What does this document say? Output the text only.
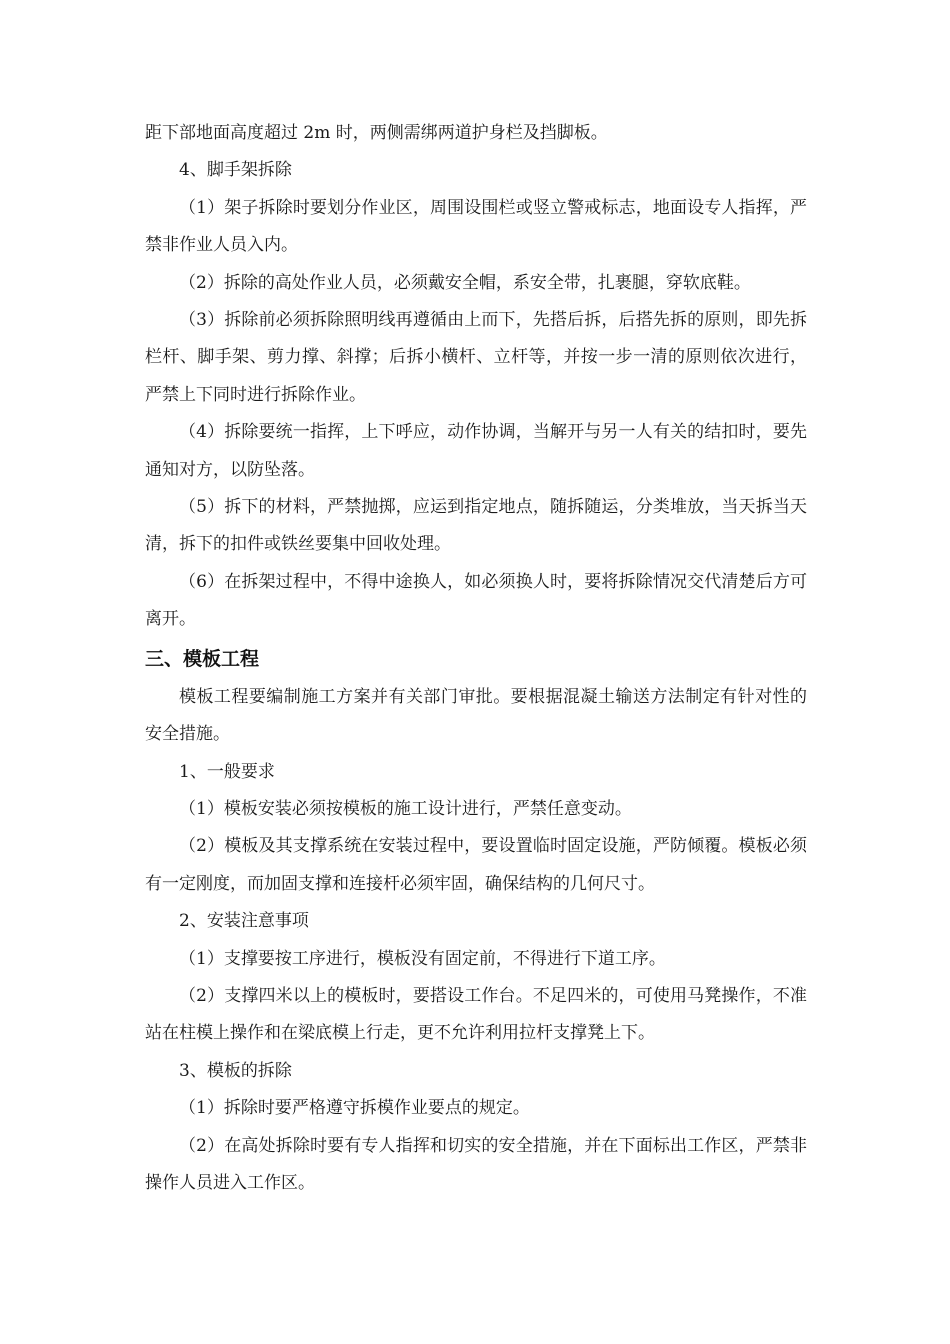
距下部地面高度超过 2m 时，两侧需绑两道护身栏及挡脚板。

4、脚手架拆除

（1）架子拆除时要划分作业区，周围设围栏或竖立警戒标志，地面设专人指挥，严禁非作业人员入内。

（2）拆除的高处作业人员，必须戴安全帽，系安全带，扎裹腿，穿软底鞋。

（3）拆除前必须拆除照明线再遵循由上而下，先搭后拆，后搭先拆的原则，即先拆栏杆、脚手架、剪力撑、斜撑；后拆小横杆、立杆等，并按一步一清的原则依次进行，严禁上下同时进行拆除作业。

（4）拆除要统一指挥，上下呼应，动作协调，当解开与另一人有关的结扣时，要先通知对方，以防坠落。

（5）拆下的材料，严禁抛掷，应运到指定地点，随拆随运，分类堆放，当天拆当天清，拆下的扣件或铁丝要集中回收处理。

（6）在拆架过程中，不得中途换人，如必须换人时，要将拆除情况交代清楚后方可离开。

三、模板工程

模板工程要编制施工方案并有关部门审批。要根据混凝土输送方法制定有针对性的安全措施。

1、一般要求

（1）模板安装必须按模板的施工设计进行，严禁任意变动。

（2）模板及其支撑系统在安装过程中，要设置临时固定设施，严防倾覆。模板必须有一定刚度，而加固支撑和连接杆必须牢固，确保结构的几何尺寸。

2、安装注意事项

（1）支撑要按工序进行，模板没有固定前，不得进行下道工序。

（2）支撑四米以上的模板时，要搭设工作台。不足四米的，可使用马凳操作，不准站在柱模上操作和在梁底模上行走，更不允许利用拉杆支撑凳上下。

3、模板的拆除

（1）拆除时要严格遵守拆模作业要点的规定。

（2）在高处拆除时要有专人指挥和切实的安全措施，并在下面标出工作区，严禁非操作人员进入工作区。
